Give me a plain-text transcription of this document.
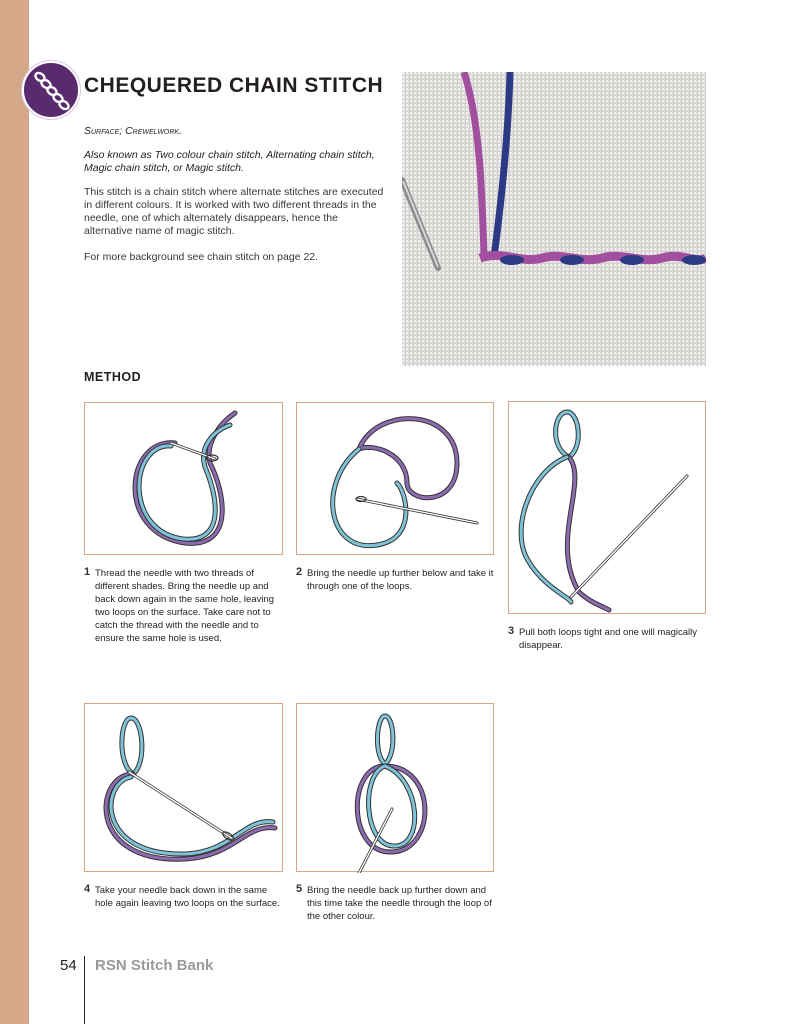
CHEQUERED CHAIN STITCH
Surface; Crewelwork.
Also known as Two colour chain stitch, Alternating chain stitch, Magic chain stitch, or Magic stitch.
This stitch is a chain stitch where alternate stitches are executed in different colours. It is worked with two different threads in the needle, one of which alternately disappears, hence the alternative name of magic stitch.
For more background see chain stitch on page 22.
METHOD
1 Thread the needle with two threads of different shades. Bring the needle up and back down again in the same hole, leaving two loops on the surface. Take care not to catch the thread with the needle and to ensure the same hole is used.
2 Bring the needle up further below and take it through one of the loops.
3 Pull both loops tight and one will magically disappear.
4 Take your needle back down in the same hole again leaving two loops on the surface.
5 Bring the needle back up further down and this time take the needle through the loop of the other colour.
54 RSN Stitch Bank
